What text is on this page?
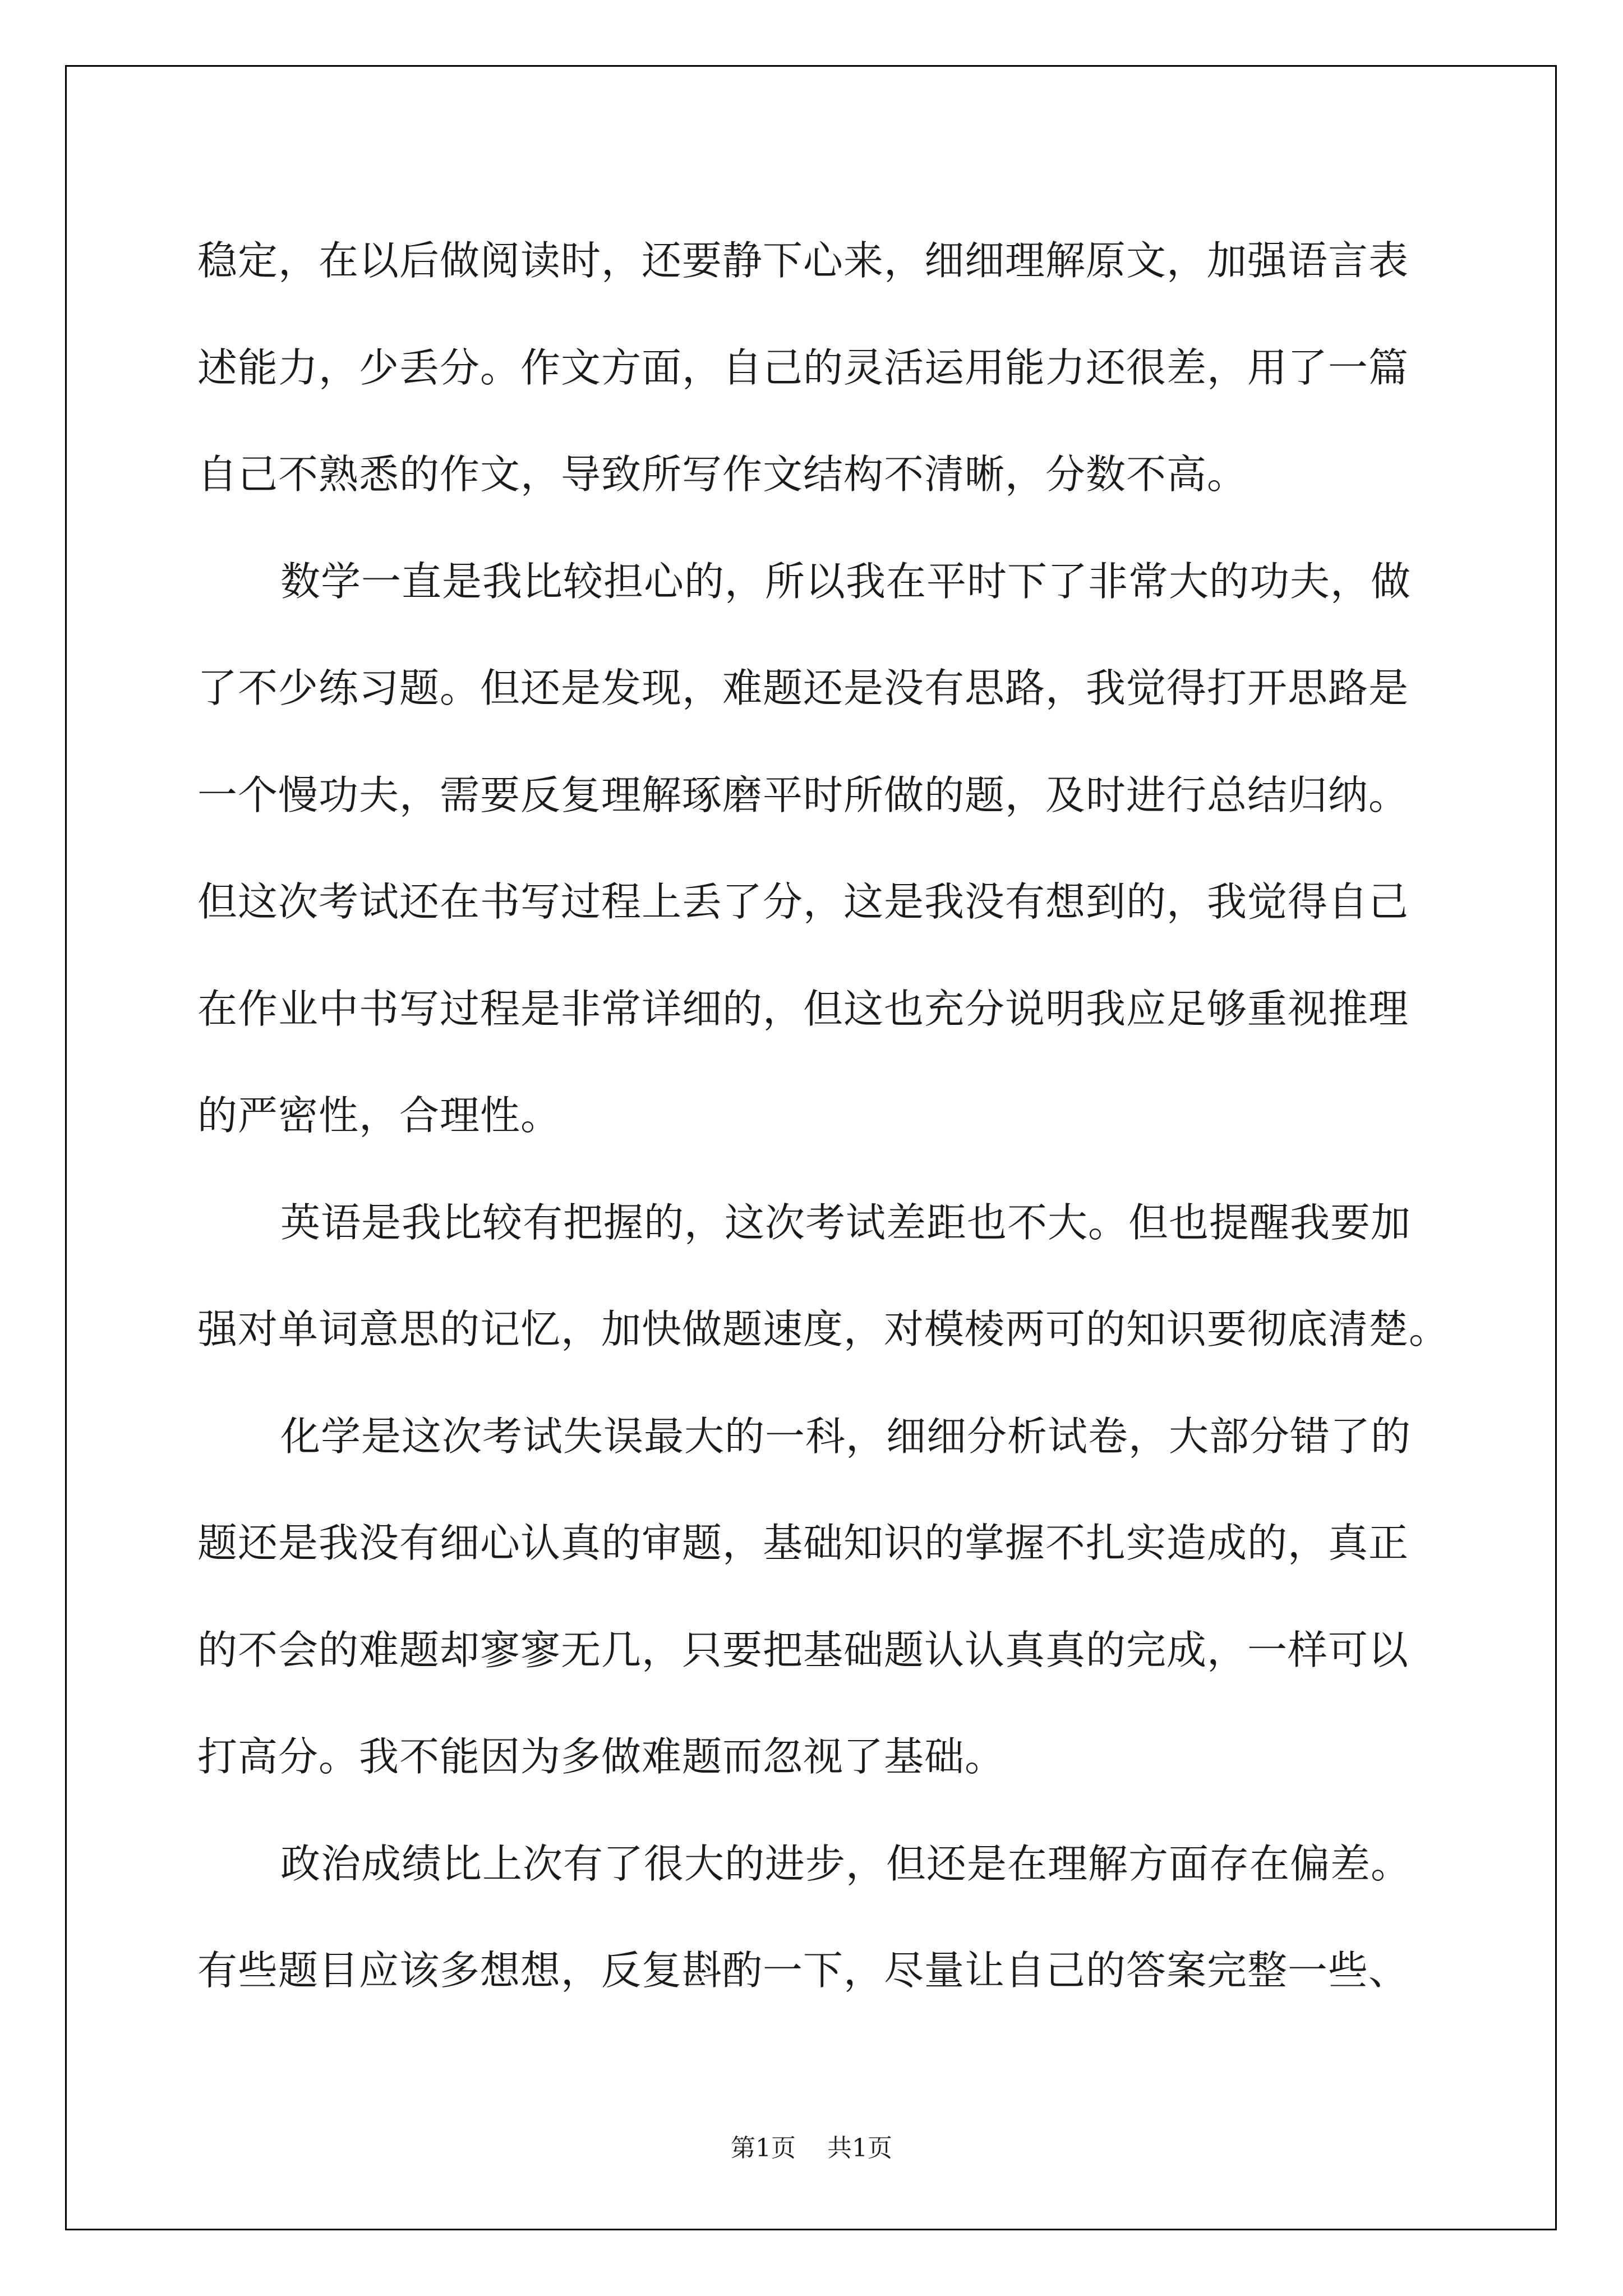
稳定，在以后做阅读时，还要静下心来，细细理解原文，加强语言表
述能力，少丢分。作文方面，自己的灵活运用能力还很差，用了一篇
自己不熟悉的作文，导致所写作文结构不清晰，分数不高。
数学一直是我比较担心的，所以我在平时下了非常大的功夫，做
了不少练习题。但还是发现，难题还是没有思路，我觉得打开思路是
一个慢功夫，需要反复理解琢磨平时所做的题，及时进行总结归纳。
但这次考试还在书写过程上丢了分，这是我没有想到的，我觉得自己
在作业中书写过程是非常详细的，但这也充分说明我应足够重视推理
的严密性，合理性。
英语是我比较有把握的，这次考试差距也不大。但也提醒我要加
强对单词意思的记忆，加快做题速度，对模棱两可的知识要彻底清楚。
化学是这次考试失误最大的一科，细细分析试卷，大部分错了的
题还是我没有细心认真的审题，基础知识的掌握不扎实造成的，真正
的不会的难题却寥寥无几，只要把基础题认认真真的完成，一样可以
打高分。我不能因为多做难题而忽视了基础。
政治成绩比上次有了很大的进步，但还是在理解方面存在偏差。
有些题目应该多想想，反复斟酌一下，尽量让自己的答案完整一些、
第1页 共1页
